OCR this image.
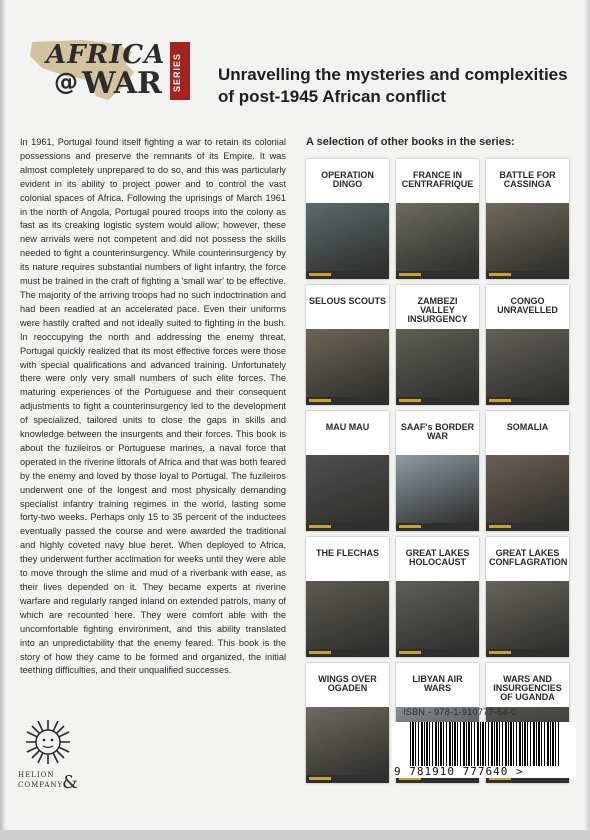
AFRICA
@ WAR SERIES Unravelling the mysteries and complexities of post-1945 African conflict
In 1961, Portugal found itself fighting a war to retain its colonial possessions and preserve the remnants of its Empire. It was almost completely unprepared to do so, and this was particularly evident in its ability to project power and to control the vast colonial spaces of Africa. Following the uprisings of March 1961 in the north of Angola, Portugal poured troops into the colony as fast as its creaking logistic system would allow; however, these new arrivals were not competent and did not possess the skills needed to fight a counterinsurgency. While counterinsurgency by its nature requires substantial numbers of light infantry, the force must be trained in the craft of fighting a 'small war' to be effective. The majority of the arriving troops had no such indoctrination and had been readied at an accelerated pace. Even their uniforms were hastily crafted and not ideally suited to fighting in the bush. In reoccupying the north and addressing the enemy threat, Portugal quickly realized that its most effective forces were those with special qualifications and advanced training. Unfortunately there were only very small numbers of such elite forces. The maturing experiences of the Portuguese and their consequent adjustments to fight a counterinsurgency led to the development of specialized, tailored units to close the gaps in skills and knowledge between the insurgents and their forces. This book is about the fuzileiros or Portuguese marines, a naval force that operated in the riverine littorals of Africa and that was both feared by the enemy and loved by those loyal to Portugal. The fuzileiros underwent one of the longest and most physically demanding specialist infantry training regimes in the world, lasting some forty-two weeks. Perhaps only 15 to 35 percent of the inductees eventually passed the course and were awarded the traditional and highly coveted navy blue beret. When deployed to Africa, they underwent further acclimation for weeks until they were able to move through the slime and mud of a riverbank with ease, as their lives depended on it. They became experts at riverine warfare and regularly ranged inland on extended patrols, many of which are recounted here. They were comfort able with the uncomfortable fighting environment, and this ability translated into an unpredictability that the enemy feared. This book is the story of how they came to be formed and organized, the initial teething difficulties, and their unqualified successes.
A selection of other books in the series:
OPERATION DINGO
FRANCE IN CENTRAFRIQUE
BATTLE FOR CASSINGA
SELOUS SCOUTS	ZAMBEZI VALLEY INSURGENCY
CONGO UNRAVELLED
MAU MAU	SAAF's BORDER WAR
SOMALIA
THE FLECHAS	GREAT LAKES HOLOCAUST
GREAT LAKES CONFLAGRATION
WINGS OVER OGADEN
LIBYAN AIR WARS
WARS AND INSURGENCIES OF UGANDA
HELION
COMPANY
&
ISBN - 978-1-910777-64-0
9 781910 777640 >
